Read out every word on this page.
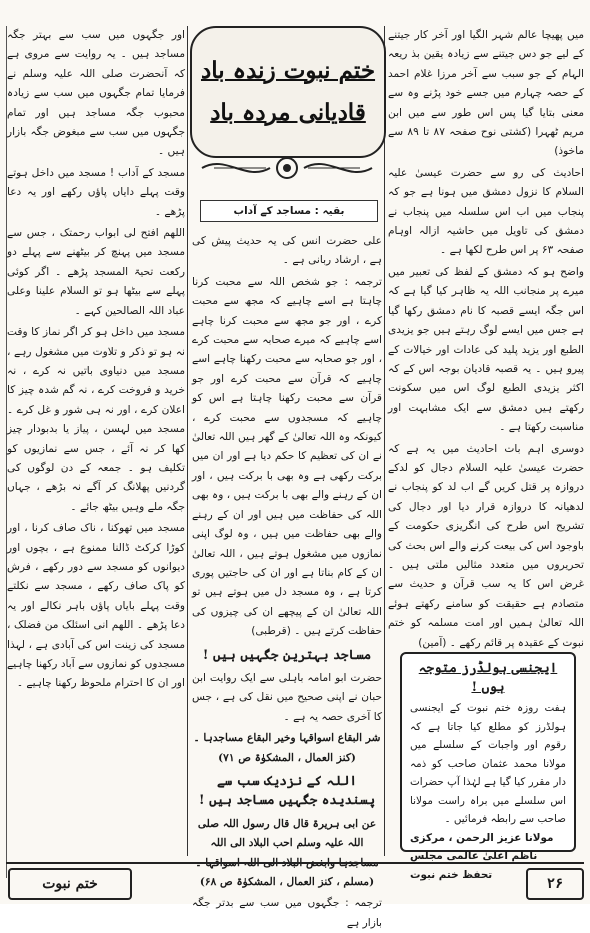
میں پھیچا عالم شہر الگیا اور آخر کار جیتنے کے لیے جو دس جیتنے سے زیادہ یقین بذ ریعہ الہام کے جو سبب سے آخر مرزا غلام احمد کے حصہ چہارم میں جسے خود پڑنے وہ سے معنی بتایا گیا پس اس طور سے میں ابن مریم ٹھہرا (کشتی نوح صفحہ ۸۷ تا ۸۹ سے ماخوذ)

احادیث کی رو سے حضرت عیسیٰ علیہ السلام کا نزول دمشق میں ہونا ہے جو کہ پنجاب میں اب اس سلسلہ میں پنجاب نے دمشق کی تاویل میں حاشیہ ازالہ اوہام صفحہ ۶۳ پر اس طرح لکھا ہے ۔

واضح ہو کہ دمشق کے لفظ کی تعبیر میں میرے پر منجانب اللہ یہ ظاہر کیا گیا ہے کہ اس جگہ ایسے قصبہ کا نام دمشق رکھا گیا ہے جس میں ایسے لوگ رہتے ہیں جو یزیدی الطبع اور یزید پلید کی عادات اور خیالات کے پیرو ہیں ۔ یہ قصبہ قادیان بوجہ اس کے کہ اکثر یزیدی الطبع لوگ اس میں سکونت رکھتے ہیں دمشق سے ایک مشابہت اور مناسبت رکھتا ہے ۔

دوسری اہم بات احادیث میں یہ ہے کہ حضرت عیسیٰ علیہ السلام دجال کو لدکے دروازہ پر قتل کریں گے اب لد کو پنجاب نے لدھیانہ کا دروازہ قرار دیا اور دجال کی تشریح اس طرح کی انگریزی حکومت کے باوجود اس کی بیعت کرنے والے اس بحث کی تحریروں میں متعدد مثالیں ملتی ہیں ۔ غرض اس کا یہ سب قرآن و حدیث سے متصادم ہے حقیقت کو سامنے رکھتے ہوئے اللہ تعالیٰ ہمیں اور امت مسلمہ کو ختم نبوت کے عقیدہ پر قائم رکھے ۔ (آمین)

ختم نبوت زندہ باد
قادیانی مردہ باد
بقیہ : مساجد کے آداب

علی حضرت انس کی یہ حدیث پیش کی ہے ، ارشاد ربانی ہے ۔

ترجمہ : جو شخص اللہ سے محبت کرنا چاہتا ہے اسے چاہیے کہ مجھ سے محبت کرے ، اور جو مجھ سے محبت کرنا چاہے اسے چاہیے کہ میرے صحابہ سے محبت کرے ، اور جو صحابہ سے محبت رکھنا چاہے اسے چاہیے کہ قرآن سے محبت کرے اور جو قرآن سے محبت رکھنا چاہتا ہے اس کو چاہیے کہ مسجدوں سے محبت کرے ، کیونکہ وہ اللہ تعالیٰ کے گھر ہیں اللہ تعالیٰ نے ان کی تعظیم کا حکم دیا ہے اور ان میں برکت رکھی ہے وہ بھی با برکت ہیں ، اور ان کے رہنے والے بھی با برکت ہیں ، وہ بھی اللہ کی حفاظت میں ہیں اور ان کے رہنے والے بھی حفاظت میں ہیں ، وہ لوگ اپنی نمازوں میں مشغول ہوتے ہیں ، اللہ تعالیٰ ان کے کام بناتا ہے اور ان کی حاجتیں پوری کرتا ہے ، وہ مسجد دل میں ہوتے ہیں تو اللہ تعالیٰ ان کے پیچھے ان کی چیزوں کی حفاظت کرتے ہیں ۔ (قرطبی)

مساجد بہترین جگہیں ہیں !

حضرت ابو امامہ باہلی سے ایک روایت ابن حبان نے اپنی صحیح میں نقل کی ہے ، جس کا آخری حصہ یہ ہے ۔

شر البقاع اسواقہا وخیر البقاع مساجدہا ۔ (کنز العمال ، المشکوٰۃ ص ۷۱)

اللہ کے نزدیک سب سے پسندیدہ جگہیں مساجد ہیں !

عن ابی ہریرۃ قال قال رسول اللہ صلی اللہ علیہ وسلم احب البلاد الی اللہ (مسلم ، کنز العمال ، المشکوٰۃ ص ۶۸)

ترجمہ : جگہوں میں سب سے بدتر جگہ بازار ہے

اور جگہوں میں سب سے بہتر جگہ مساجد ہیں ۔ یہ روایت سے مروی ہے کہ آنحضرت صلی اللہ علیہ وسلم نے فرمایا تمام جگہوں میں سب سے زیادہ محبوب جگہ مساجد ہیں اور تمام جگہوں میں سب سے مبغوض جگہ بازار ہیں ۔

مسجد کے آداب ! مسجد میں داخل ہوتے وقت پہلے دایاں پاؤں رکھے اور یہ دعا پڑھے ۔

اللھم افتح لی ابواب رحمتک ، جس سے مسجد میں پہنچ کر بیٹھنے سے پہلے دو رکعت تحیۃ المسجد پڑھے ۔ اگر کوئی پہلے سے بیٹھا ہو تو السلام علینا وعلی عباد اللہ الصالحین کہے ۔

مسجد میں داخل ہو کر اگر نماز کا وقت نہ ہو تو ذکر و تلاوت میں مشغول رہے ، مسجد میں دنیاوی باتیں نہ کرے ، نہ خرید و فروخت کرے ، نہ گم شدہ چیز کا اعلان کرے ، اور نہ ہی شور و غل کرے ۔ مسجد میں لہسن ، پیاز یا بدبودار چیز کھا کر نہ آئے ، جس سے نمازیوں کو تکلیف ہو ۔ جمعہ کے دن لوگوں کی گردنیں پھلانگ کر آگے نہ بڑھے ، جہاں جگہ ملے وہیں بیٹھ جائے ۔

مسجد میں تھوکنا ، ناک صاف کرنا ، اور کوڑا کرکٹ ڈالنا ممنوع ہے ، بچوں اور دیوانوں کو مسجد سے دور رکھے ، فرش کو پاک صاف رکھے ، مسجد سے نکلتے وقت پہلے بایاں پاؤں باہر نکالے اور یہ دعا پڑھے ۔ اللھم انی اسئلک من فضلک ، مسجد کی زینت اس کی آبادی ہے ، لہذا مسجدوں کو نمازوں سے آباد رکھنا چاہیے اور ان کا احترام ملحوظ رکھنا چاہیے ۔

ایجنسی ہولڈرز متوجہ ہوں !
ہفت روزہ ختم نبوت کے ایجنسی ہولڈرز کو مطلع کیا جاتا ہے کہ رقوم اور واجبات کے سلسلے میں مولانا محمد عثمان صاحب کو ذمہ دار مقرر کیا گیا ہے لہٰذا آپ حضرات اس سلسلے میں براہ راست مولانا صاحب سے رابطہ فرمائیں ۔
مولانا عزیز الرحمن ، مرکزی ناظم اعلیٰ عالمی مجلس تحفظ ختم نبوت
ختم نبوت	۲۶
